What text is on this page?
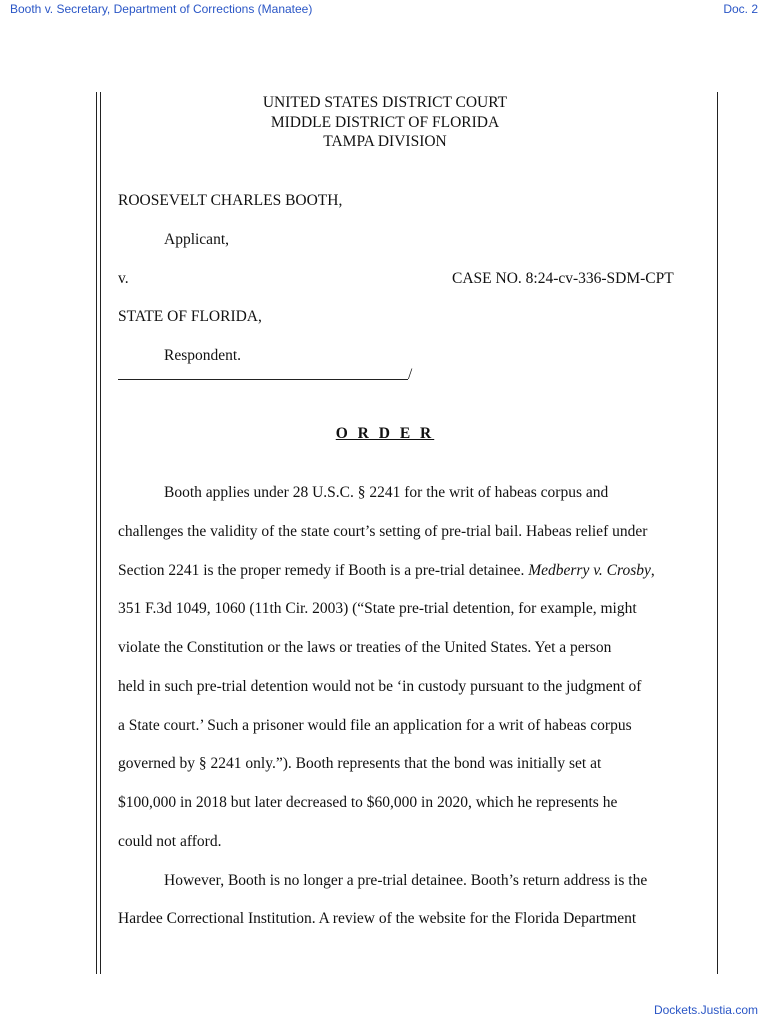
Booth v. Secretary, Department of Corrections (Manatee)	Doc. 2
UNITED STATES DISTRICT COURT
MIDDLE DISTRICT OF FLORIDA
TAMPA DIVISION
ROOSEVELT CHARLES BOOTH,
Applicant,
v.	CASE NO. 8:24-cv-336-SDM-CPT
STATE OF FLORIDA,
Respondent.
/
O R D E R
Booth applies under 28 U.S.C. § 2241 for the writ of habeas corpus and
challenges the validity of the state court’s setting of pre-trial bail. Habeas relief under
Section 2241 is the proper remedy if Booth is a pre-trial detainee. Medberry v. Crosby,
351 F.3d 1049, 1060 (11th Cir. 2003) (“State pre-trial detention, for example, might
violate the Constitution or the laws or treaties of the United States. Yet a person
held in such pre-trial detention would not be ‘in custody pursuant to the judgment of
a State court.’ Such a prisoner would file an application for a writ of habeas corpus
governed by § 2241 only.”). Booth represents that the bond was initially set at
$100,000 in 2018 but later decreased to $60,000 in 2020, which he represents he
could not afford.
However, Booth is no longer a pre-trial detainee. Booth’s return address is the
Hardee Correctional Institution. A review of the website for the Florida Department
Dockets.Justia.com
